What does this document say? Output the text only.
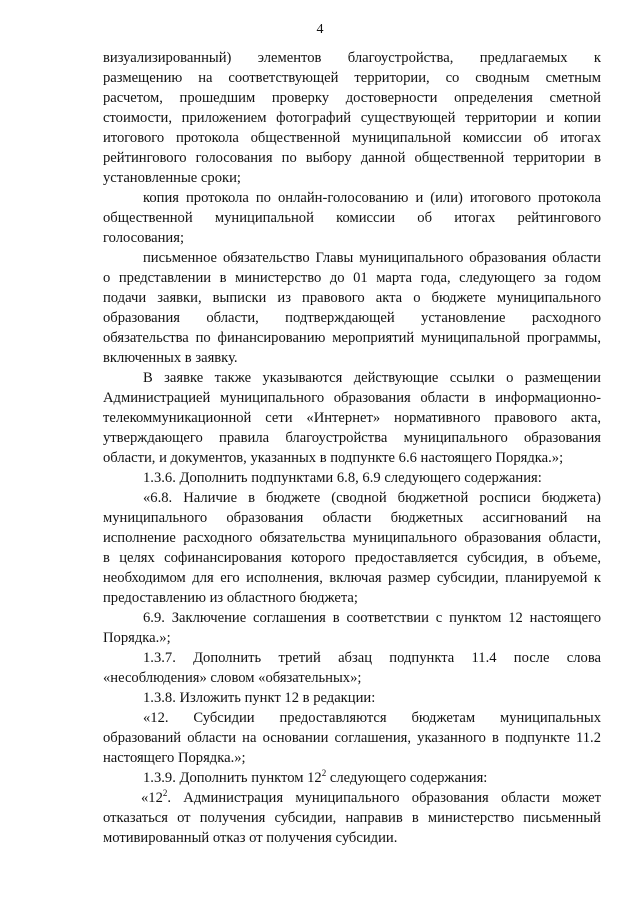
4
визуализированный) элементов благоустройства, предлагаемых к
размещению на соответствующей территории, со сводным сметным
расчетом, прошедшим проверку достоверности определения сметной
стоимости, приложением фотографий существующей территории и копии
итогового протокола общественной муниципальной комиссии об итогах
рейтингового голосования по выбору данной общественной территории в
установленные сроки;
копия протокола по онлайн-голосованию и (или) итогового протокола
общественной муниципальной комиссии об итогах рейтингового
голосования;
письменное обязательство Главы муниципального образования области
о представлении в министерство до 01 марта года, следующего за годом
подачи заявки, выписки из правового акта о бюджете муниципального
образования области, подтверждающей установление расходного
обязательства по финансированию мероприятий муниципальной программы,
включенных в заявку.
В заявке также указываются действующие ссылки о размещении
Администрацией муниципального образования области в информационно-
телекоммуникационной сети «Интернет» нормативного правового акта,
утверждающего правила благоустройства муниципального образования
области, и документов, указанных в подпункте 6.6 настоящего Порядка.»;
1.3.6. Дополнить подпунктами 6.8, 6.9 следующего содержания:
«6.8. Наличие в бюджете (сводной бюджетной росписи бюджета)
муниципального образования области бюджетных ассигнований на
исполнение расходного обязательства муниципального образования области,
в целях софинансирования которого предоставляется субсидия, в объеме,
необходимом для его исполнения, включая размер субсидии, планируемой к
предоставлению из областного бюджета;
6.9. Заключение соглашения в соответствии с пунктом 12 настоящего
Порядка.»;
1.3.7. Дополнить третий абзац подпункта 11.4 после слова
«несоблюдения» словом «обязательных»;
1.3.8. Изложить пункт 12 в редакции:
«12. Субсидии предоставляются бюджетам муниципальных
образований области на основании соглашения, указанного в подпункте 11.2
настоящего Порядка.»;
1.3.9. Дополнить пунктом $12^2$ следующего содержания:
«$12^2$. Администрация муниципального образования области может
отказаться от получения субсидии, направив в министерство письменный
мотивированный отказ от получения субсидии.
